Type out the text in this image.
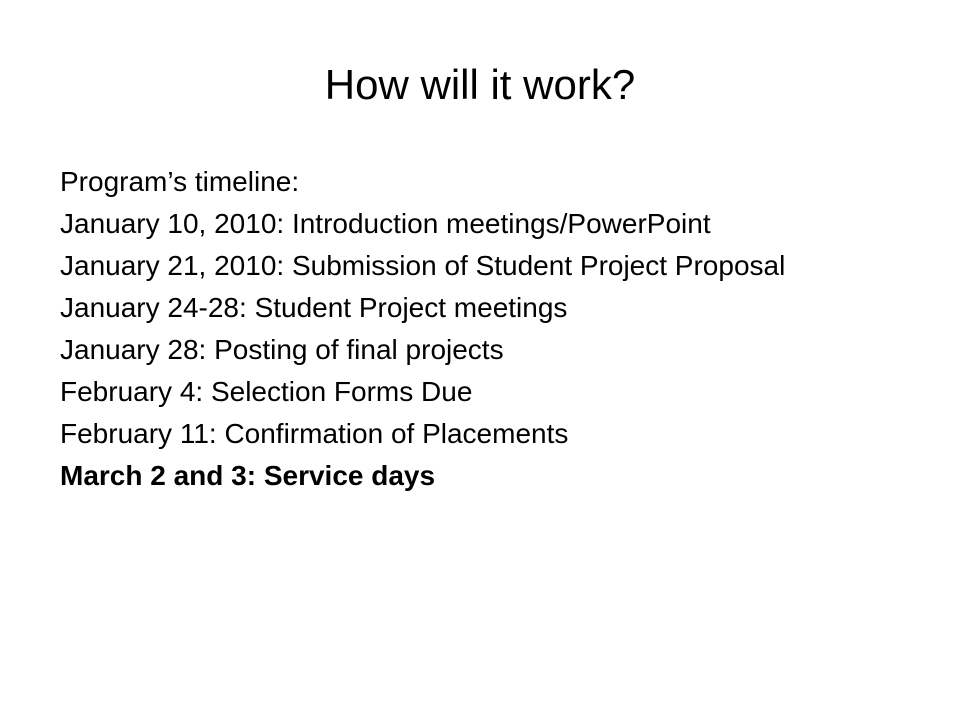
How will it work?

Program’s timeline:

January 10, 2010: Introduction meetings/PowerPoint

January 21, 2010: Submission of Student Project Proposal

January 24-28: Student Project meetings

January 28: Posting of final projects

February 4: Selection Forms Due

February 11: Confirmation of Placements

March 2 and 3: Service days
